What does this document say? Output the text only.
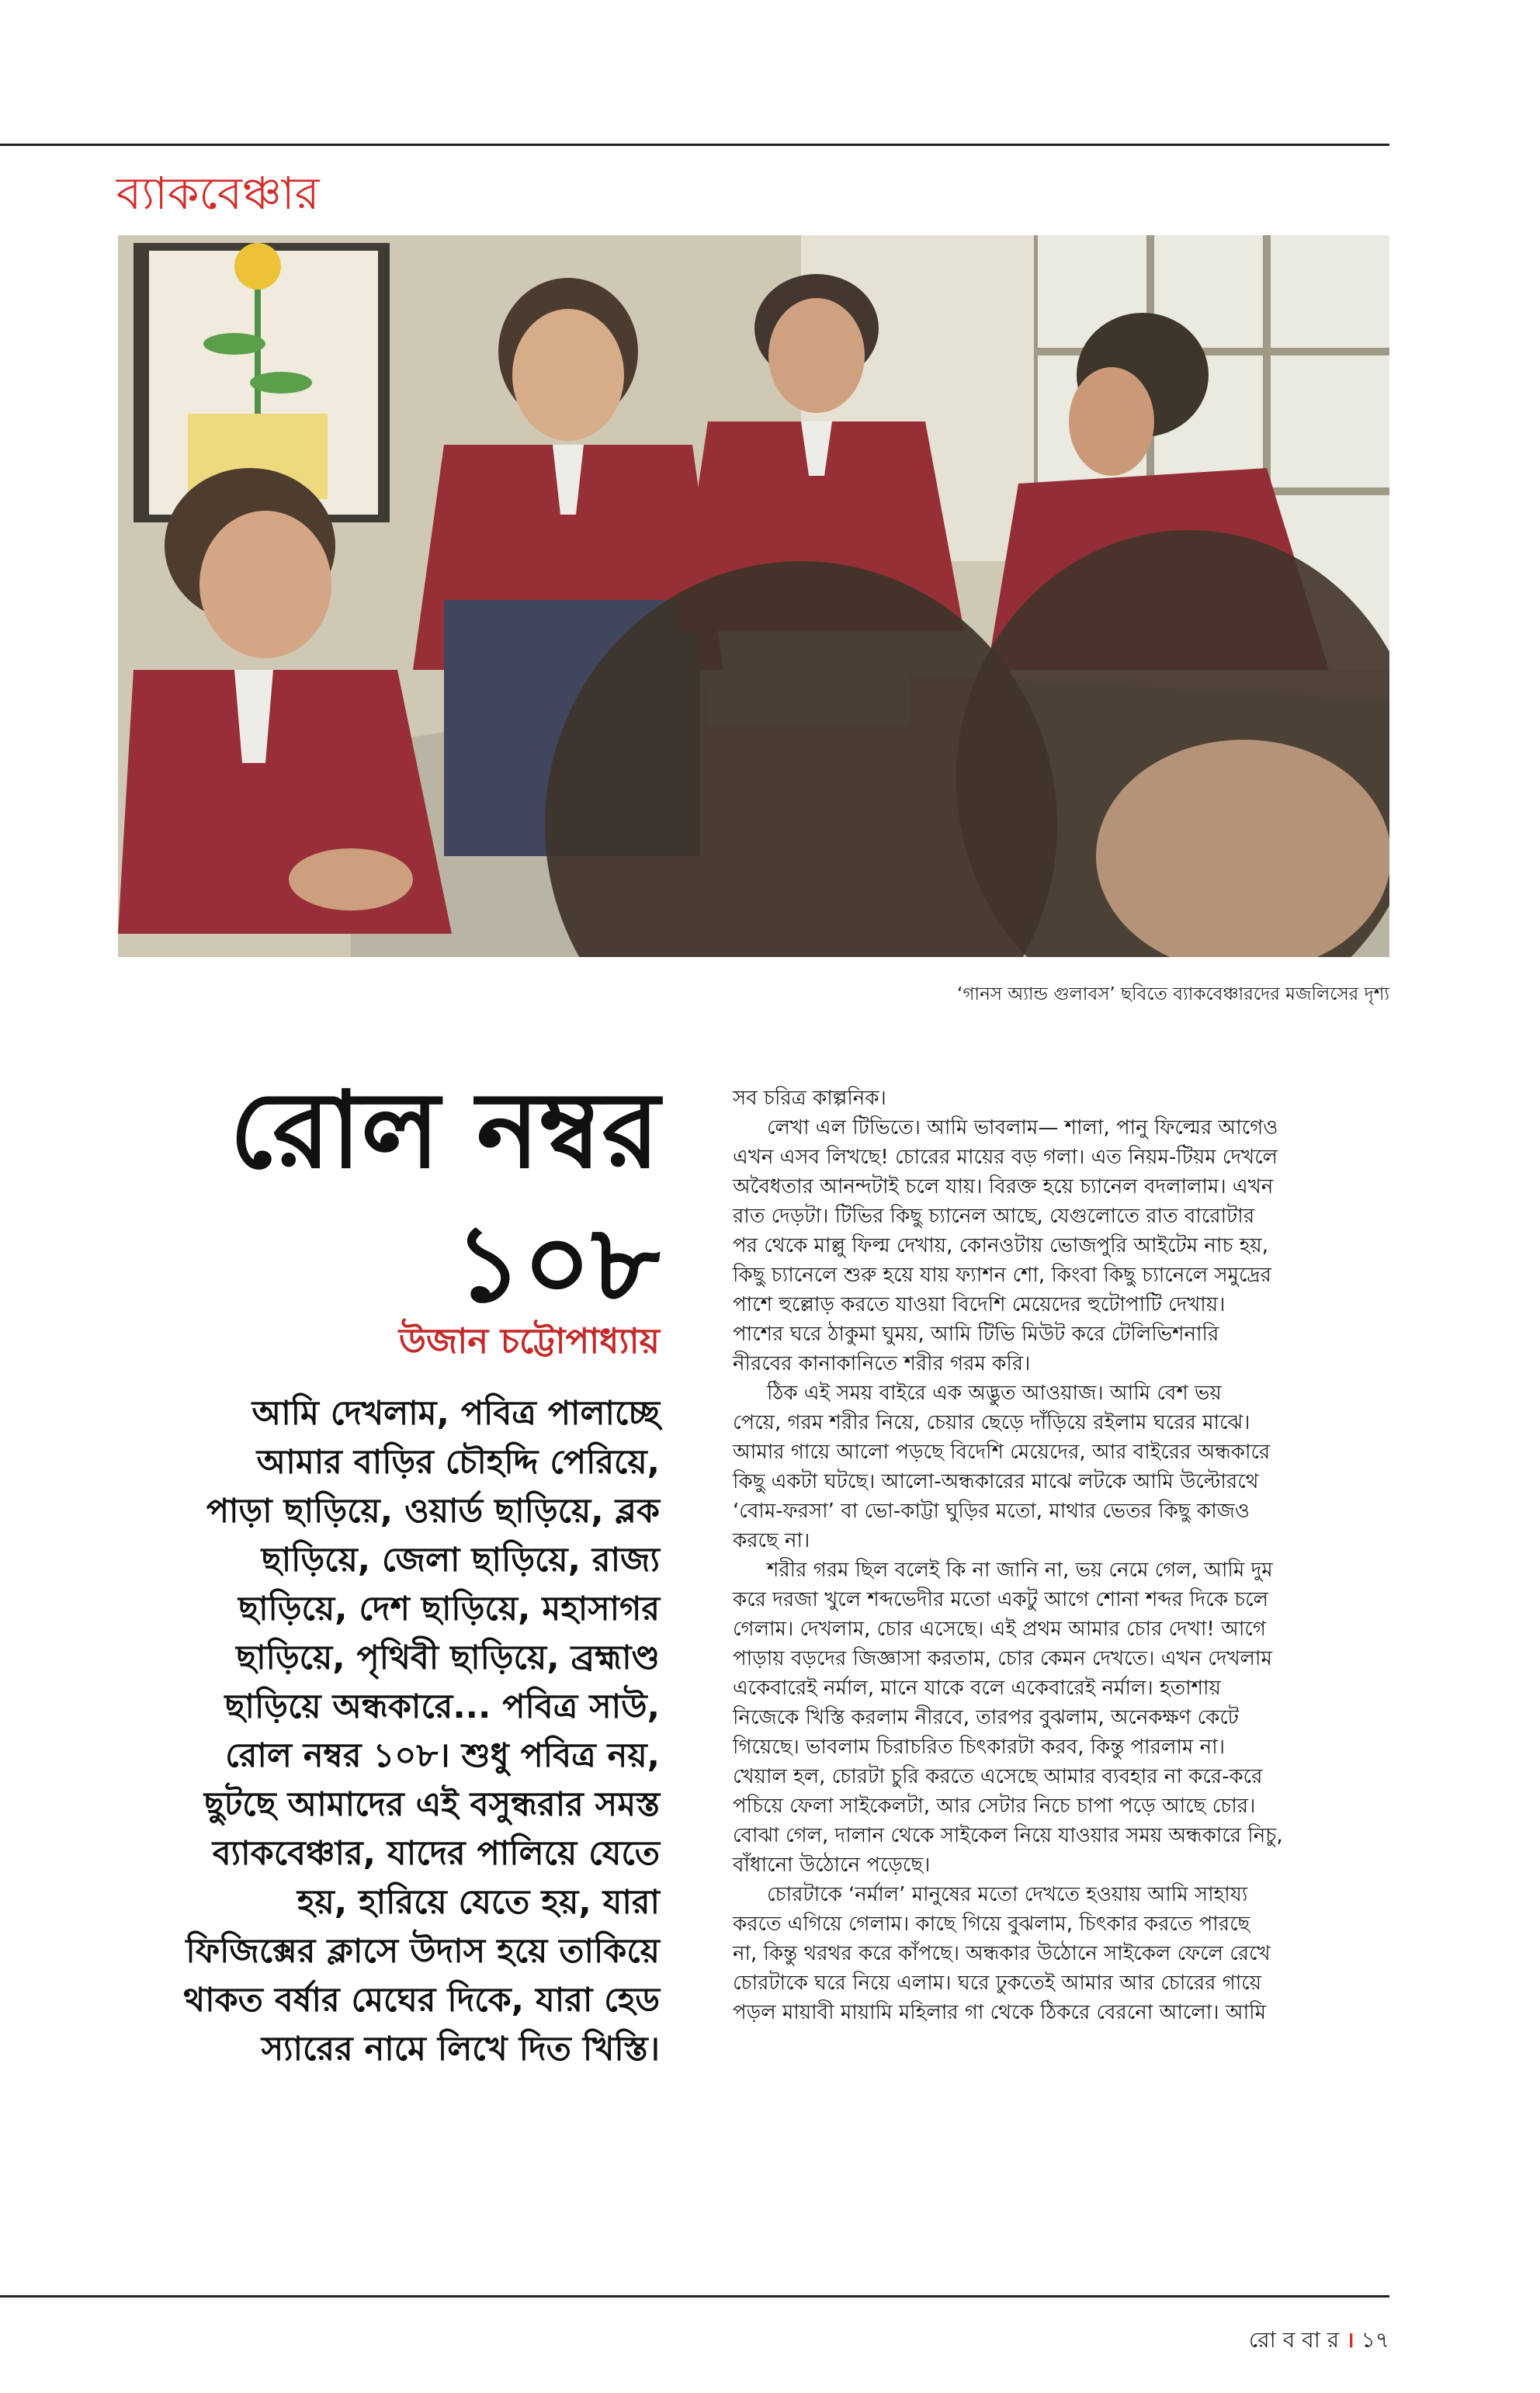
ব্যাকবেঞ্চার

‘গানস অ্যান্ড গুলাবস’ ছবিতে ব্যাকবেঞ্চারদের মজলিসের দৃশ্য

রোল নম্বর
১০৮

উজান চট্টোপাধ্যায়

আমি দেখলাম, পবিত্র পালাচ্ছে
আমার বাড়ির চৌহদ্দি পেরিয়ে,
পাড়া ছাড়িয়ে, ওয়ার্ড ছাড়িয়ে, ব্লক
ছাড়িয়ে, জেলা ছাড়িয়ে, রাজ্য
ছাড়িয়ে, দেশ ছাড়িয়ে, মহাসাগর
ছাড়িয়ে, পৃথিবী ছাড়িয়ে, ব্রহ্মাণ্ড
ছাড়িয়ে অন্ধকারে... পবিত্র সাউ,
রোল নম্বর ১০৮। শুধু পবিত্র নয়,
ছুটছে আমাদের এই বসুন্ধরার সমস্ত
ব্যাকবেঞ্চার, যাদের পালিয়ে যেতে
হয়, হারিয়ে যেতে হয়, যারা
ফিজিক্সের ক্লাসে উদাস হয়ে তাকিয়ে
থাকত বর্ষার মেঘের দিকে, যারা হেড
স্যারের নামে লিখে দিত খিস্তি।
সব চরিত্র কাল্পনিক।
লেখা এল টিভিতে। আমি ভাবলাম— শালা, পানু ফিল্মের আগেও
এখন এসব লিখছে! চোরের মায়ের বড় গলা। এত নিয়ম-টিয়ম দেখলে
অবৈধতার আনন্দটাই চলে যায়। বিরক্ত হয়ে চ্যানেল বদলালাম। এখন
রাত দেড়টা। টিভির কিছু চ্যানেল আছে, যেগুলোতে রাত বারোটার
পর থেকে মাল্লু ফিল্ম দেখায়, কোনওটায় ভোজপুরি আইটেম নাচ হয়,
কিছু চ্যানেলে শুরু হয়ে যায় ফ্যাশন শো, কিংবা কিছু চ্যানেলে সমুদ্রের
পাশে হুল্লোড় করতে যাওয়া বিদেশি মেয়েদের হুটোপাটি দেখায়।
পাশের ঘরে ঠাকুমা ঘুময়, আমি টিভি মিউট করে টেলিভিশনারি
নীরবের কানাকানিতে শরীর গরম করি।
ঠিক এই সময় বাইরে এক অদ্ভুত আওয়াজ। আমি বেশ ভয়
পেয়ে, গরম শরীর নিয়ে, চেয়ার ছেড়ে দাঁড়িয়ে রইলাম ঘরের মাঝে।
আমার গায়ে আলো পড়ছে বিদেশি মেয়েদের, আর বাইরের অন্ধকারে
কিছু একটা ঘটছে। আলো-অন্ধকারের মাঝে লটকে আমি উল্টোরথে
‘বোম-ফরসা’ বা ভো-কাট্টা ঘুড়ির মতো, মাথার ভেতর কিছু কাজও
করছে না।
শরীর গরম ছিল বলেই কি না জানি না, ভয় নেমে গেল, আমি দুম
করে দরজা খুলে শব্দভেদীর মতো একটু আগে শোনা শব্দর দিকে চলে
গেলাম। দেখলাম, চোর এসেছে। এই প্রথম আমার চোর দেখা! আগে
পাড়ায় বড়দের জিজ্ঞাসা করতাম, চোর কেমন দেখতে। এখন দেখলাম
একেবারেই নর্মাল, মানে যাকে বলে একেবারেই নর্মাল। হতাশায়
নিজেকে খিস্তি করলাম নীরবে, তারপর বুঝলাম, অনেকক্ষণ কেটে
গিয়েছে। ভাবলাম চিরাচরিত চিৎকারটা করব, কিন্তু পারলাম না।
খেয়াল হল, চোরটা চুরি করতে এসেছে আমার ব্যবহার না করে-করে
পচিয়ে ফেলা সাইকেলটা, আর সেটার নিচে চাপা পড়ে আছে চোর।
বোঝা গেল, দালান থেকে সাইকেল নিয়ে যাওয়ার সময় অন্ধকারে নিচু,
বাঁধানো উঠোনে পড়েছে।
চোরটাকে ‘নর্মাল’ মানুষের মতো দেখতে হওয়ায় আমি সাহায্য
করতে এগিয়ে গেলাম। কাছে গিয়ে বুঝলাম, চিৎকার করতে পারছে
না, কিন্তু থরথর করে কাঁপছে। অন্ধকার উঠোনে সাইকেল ফেলে রেখে
চোরটাকে ঘরে নিয়ে এলাম। ঘরে ঢুকতেই আমার আর চোরের গায়ে
পড়ল মায়াবী মায়ামি মহিলার গা থেকে ঠিকরে বেরনো আলো। আমি
রো ব বা র । ১৭
